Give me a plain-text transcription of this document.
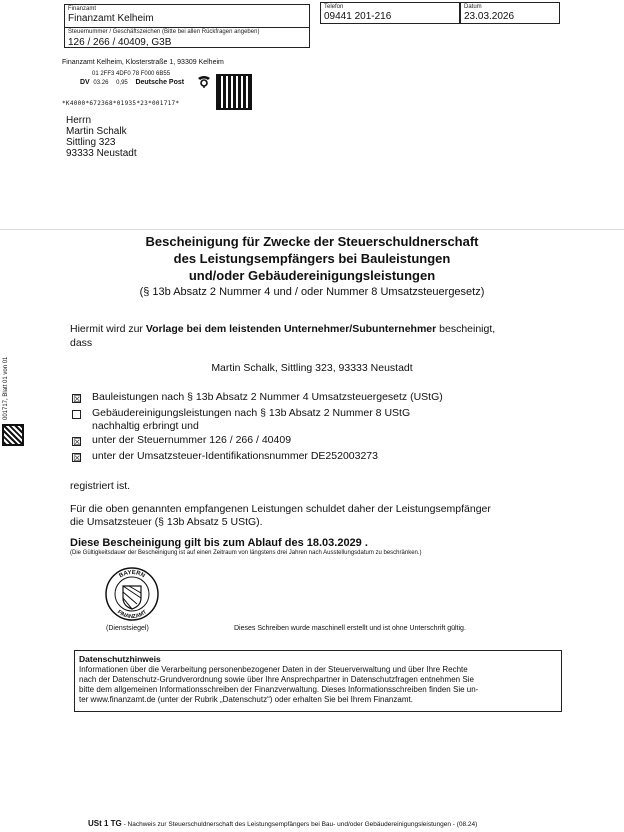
Finanzamt
Finanzamt Kelheim
Steuernummer / Geschäftszeichen (Bitte bei allen Rückfragen angeben)
126 / 266 / 40409, G3B
Telefon
09441 201-216
Datum
23.03.2026
Finanzamt Kelheim, Klosterstraße 1, 93309 Kelheim
01 2FF3 4DF0 78 F000 6B55
DV 03.26 0,95 Deutsche Post
*K4000*672368*01935*23*001717*
Herrn
Martin Schalk
Sittling 323
93333 Neustadt
001717, Blatt 01 von 01
Bescheinigung für Zwecke der Steuerschuldnerschaft
des Leistungsempfängers bei Bauleistungen
und/oder Gebäudereinigungsleistungen
(§ 13b Absatz 2 Nummer 4 und / oder Nummer 8 Umsatzsteuergesetz)
Hiermit wird zur Vorlage bei dem leistenden Unternehmer/Subunternehmer bescheinigt,
dass
Martin Schalk, Sittling 323, 93333 Neustadt
☒ Bauleistungen nach § 13b Absatz 2 Nummer 4 Umsatzsteuergesetz (UStG)
Gebäudereinigungsleistungen nach § 13b Absatz 2 Nummer 8 UStG
nachhaltig erbringt und
☒ unter der Steuernummer 126 / 266 / 40409
☒ unter der Umsatzsteuer-Identifikationsnummer DE252003273
registriert ist.
Für die oben genannten empfangenen Leistungen schuldet daher der Leistungsempfänger
die Umsatzsteuer (§ 13b Absatz 5 UStG).
Diese Bescheinigung gilt bis zum Ablauf des 18.03.2029 .
(Die Gültigkeitsdauer der Bescheinigung ist auf einen Zeitraum von längstens drei Jahren nach Ausstellungsdatum zu beschränken.)
BAYERN
FINANZAMT
(Dienstsiegel)	Dieses Schreiben wurde maschinell erstellt und ist ohne Unterschrift gültig.
Datenschutzhinweis
Informationen über die Verarbeitung personenbezogener Daten in der Steuerverwaltung und über Ihre Rechte
nach der Datenschutz-Grundverordnung sowie über Ihre Ansprechpartner in Datenschutzfragen entnehmen Sie
bitte dem allgemeinen Informationsschreiben der Finanzverwaltung. Dieses Informationsschreiben finden Sie un-
ter www.finanzamt.de (unter der Rubrik „Datenschutz“) oder erhalten Sie bei Ihrem Finanzamt.
USt 1 TG - Nachweis zur Steuerschuldnerschaft des Leistungsempfängers bei Bau- und/oder Gebäudereinigungsleistungen - (08.24)
